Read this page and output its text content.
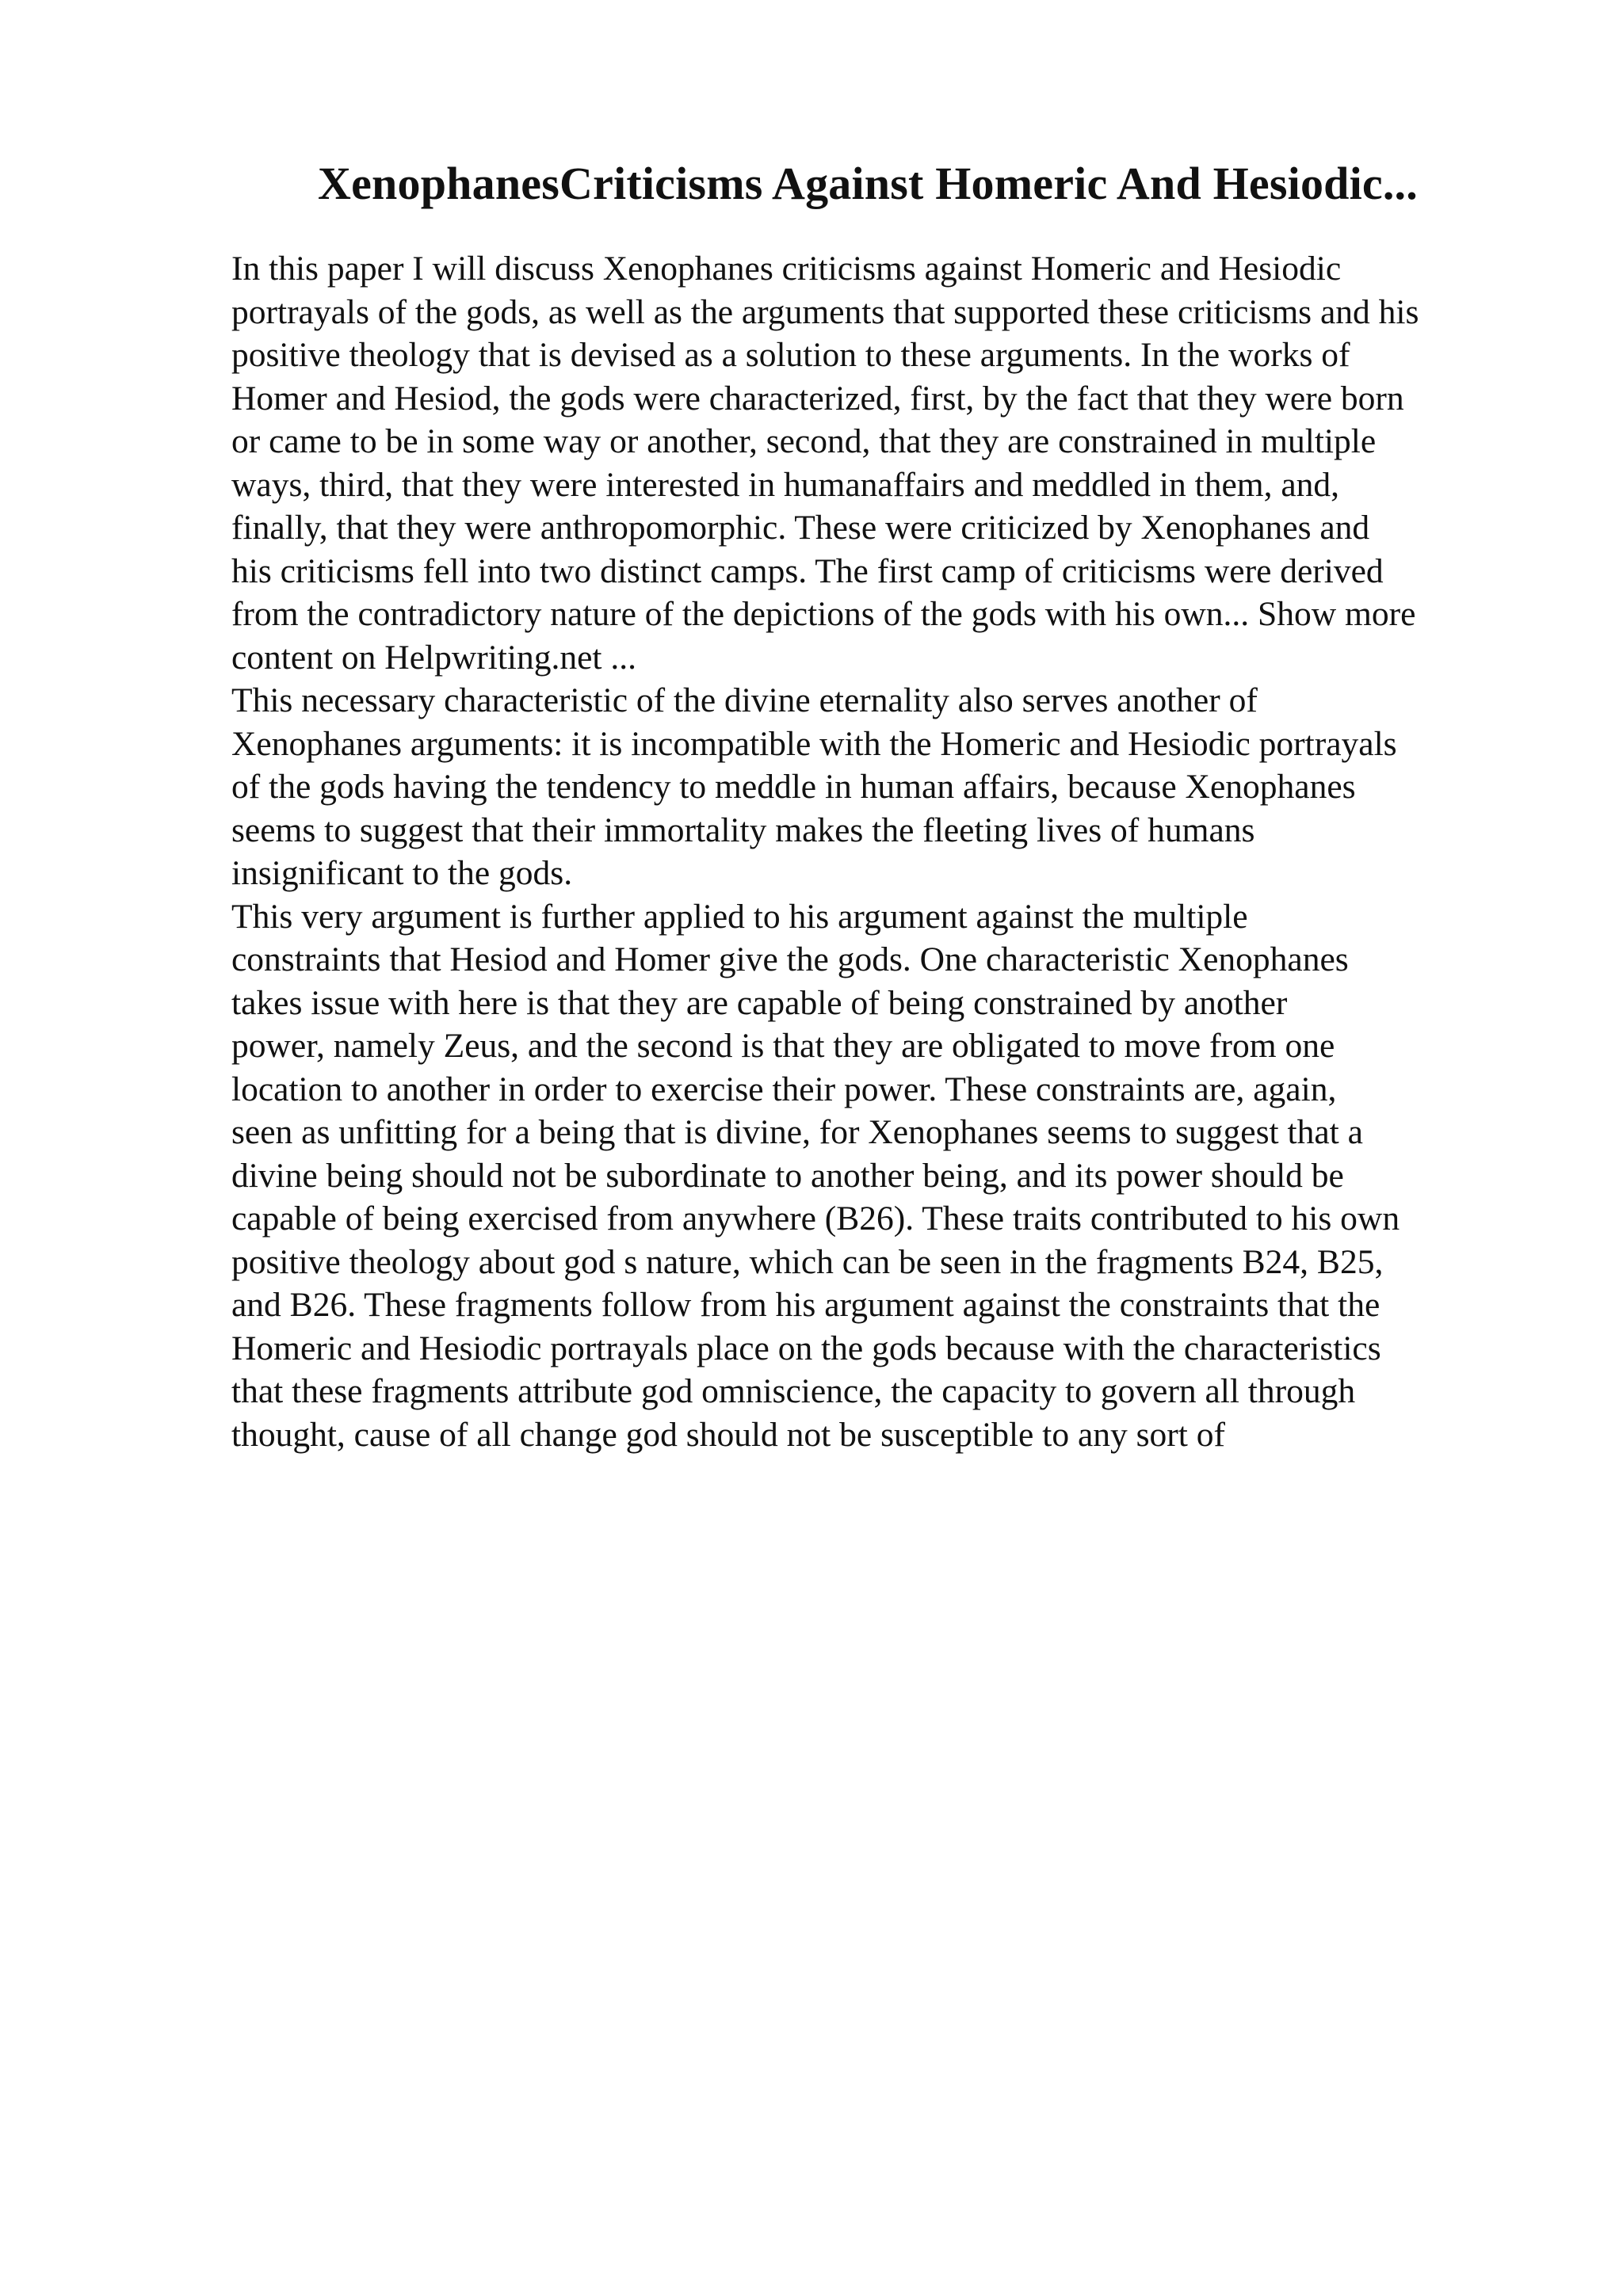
XenophanesCriticisms Against Homeric And Hesiodic...
In this paper I will discuss Xenophanes criticisms against Homeric and Hesiodic
portrayals of the gods, as well as the arguments that supported these criticisms and his
positive theology that is devised as a solution to these arguments. In the works of
Homer and Hesiod, the gods were characterized, first, by the fact that they were born
or came to be in some way or another, second, that they are constrained in multiple
ways, third, that they were interested in humanaffairs and meddled in them, and,
finally, that they were anthropomorphic. These were criticized by Xenophanes and
his criticisms fell into two distinct camps. The first camp of criticisms were derived
from the contradictory nature of the depictions of the gods with his own... Show more
content on Helpwriting.net ...
This necessary characteristic of the divine eternality also serves another of
Xenophanes arguments: it is incompatible with the Homeric and Hesiodic portrayals
of the gods having the tendency to meddle in human affairs, because Xenophanes
seems to suggest that their immortality makes the fleeting lives of humans
insignificant to the gods.
This very argument is further applied to his argument against the multiple
constraints that Hesiod and Homer give the gods. One characteristic Xenophanes
takes issue with here is that they are capable of being constrained by another
power, namely Zeus, and the second is that they are obligated to move from one
location to another in order to exercise their power. These constraints are, again,
seen as unfitting for a being that is divine, for Xenophanes seems to suggest that a
divine being should not be subordinate to another being, and its power should be
capable of being exercised from anywhere (B26). These traits contributed to his own
positive theology about god s nature, which can be seen in the fragments B24, B25,
and B26. These fragments follow from his argument against the constraints that the
Homeric and Hesiodic portrayals place on the gods because with the characteristics
that these fragments attribute god omniscience, the capacity to govern all through
thought, cause of all change god should not be susceptible to any sort of
